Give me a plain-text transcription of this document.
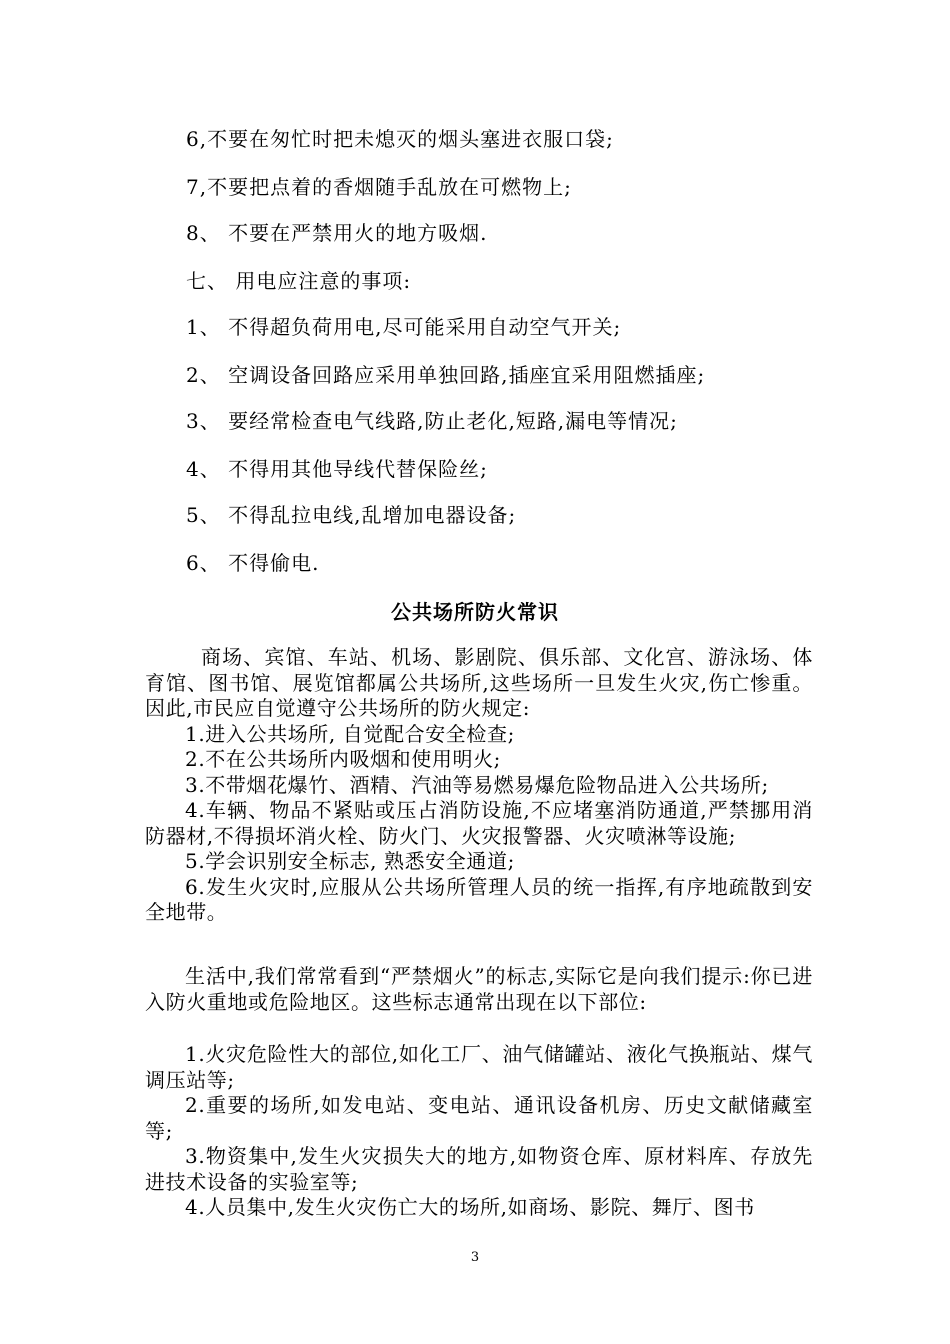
6,不要在匆忙时把未熄灭的烟头塞进衣服口袋;
7,不要把点着的香烟随手乱放在可燃物上;
8、 不要在严禁用火的地方吸烟.
七、 用电应注意的事项:
1、 不得超负荷用电,尽可能采用自动空气开关;
2、 空调设备回路应采用单独回路,插座宜采用阻燃插座;
3、 要经常检查电气线路,防止老化,短路,漏电等情况;
4、 不得用其他导线代替保险丝;
5、 不得乱拉电线,乱增加电器设备;
6、 不得偷电.
公共场所防火常识

商场、宾馆、车站、机场、影剧院、俱乐部、文化宫、游泳场、体育馆、图书馆、展览馆都属公共场所,这些场所一旦发生火灾,伤亡惨重。因此,市民应自觉遵守公共场所的防火规定:

1.进入公共场所, 自觉配合安全检查;

2.不在公共场所内吸烟和使用明火;

3.不带烟花爆竹、酒精、汽油等易燃易爆危险物品进入公共场所;

4.车辆、物品不紧贴或压占消防设施,不应堵塞消防通道,严禁挪用消防器材,不得损坏消火栓、防火门、火灾报警器、火灾喷淋等设施;

5.学会识别安全标志, 熟悉安全通道;

6.发生火灾时,应服从公共场所管理人员的统一指挥,有序地疏散到安全地带。

生活中,我们常常看到“严禁烟火”的标志,实际它是向我们提示:你已进入防火重地或危险地区。这些标志通常出现在以下部位:

1.火灾危险性大的部位,如化工厂、油气储罐站、液化气换瓶站、煤气调压站等;

2.重要的场所,如发电站、变电站、通讯设备机房、历史文献储藏室等;

3.物资集中,发生火灾损失大的地方,如物资仓库、原材料库、存放先进技术设备的实验室等;

4.人员集中,发生火灾伤亡大的场所,如商场、影院、舞厅、图书

3
